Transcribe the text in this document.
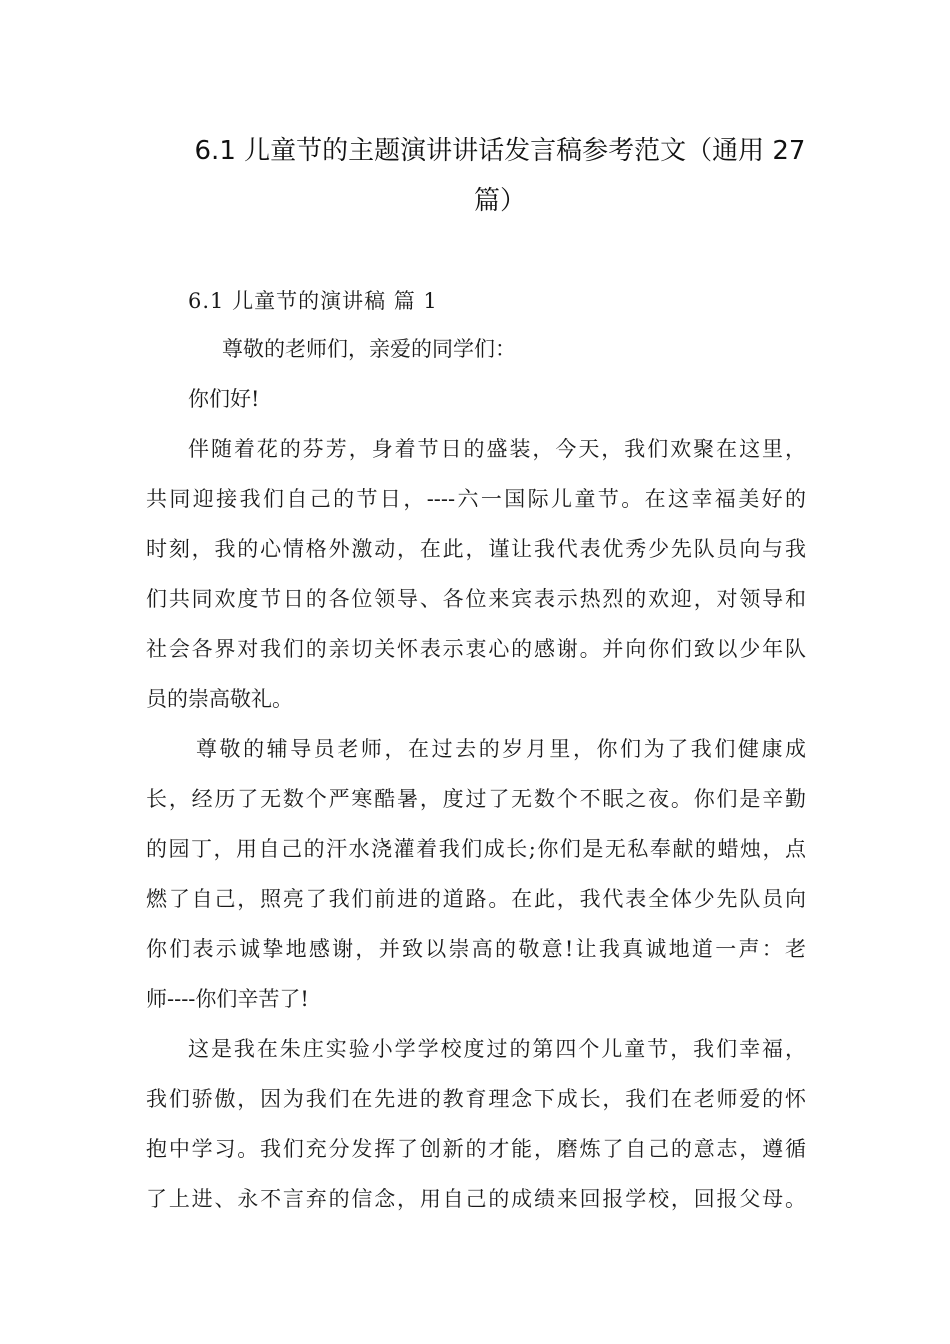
6.1 儿童节的主题演讲讲话发言稿参考范文（通用 27
篇）
6.1 儿童节的演讲稿 篇 1
尊敬的老师们，亲爱的同学们：
你们好!
伴随着花的芬芳，身着节日的盛装，今天，我们欢聚在这里，
共同迎接我们自己的节日，----六一国际儿童节。在这幸福美好的
时刻，我的心情格外激动，在此，谨让我代表优秀少先队员向与我
们共同欢度节日的各位领导、各位来宾表示热烈的欢迎，对领导和
社会各界对我们的亲切关怀表示衷心的感谢。并向你们致以少年队
员的崇高敬礼。
尊敬的辅导员老师，在过去的岁月里，你们为了我们健康成
长，经历了无数个严寒酷暑，度过了无数个不眠之夜。你们是辛勤
的园丁，用自己的汗水浇灌着我们成长;你们是无私奉献的蜡烛，点
燃了自己，照亮了我们前进的道路。在此，我代表全体少先队员向
你们表示诚挚地感谢，并致以崇高的敬意!让我真诚地道一声：老
师----你们辛苦了!
这是我在朱庄实验小学学校度过的第四个儿童节，我们幸福，
我们骄傲，因为我们在先进的教育理念下成长，我们在老师爱的怀
抱中学习。我们充分发挥了创新的才能，磨炼了自己的意志，遵循
了上进、永不言弃的信念，用自己的成绩来回报学校，回报父母。
